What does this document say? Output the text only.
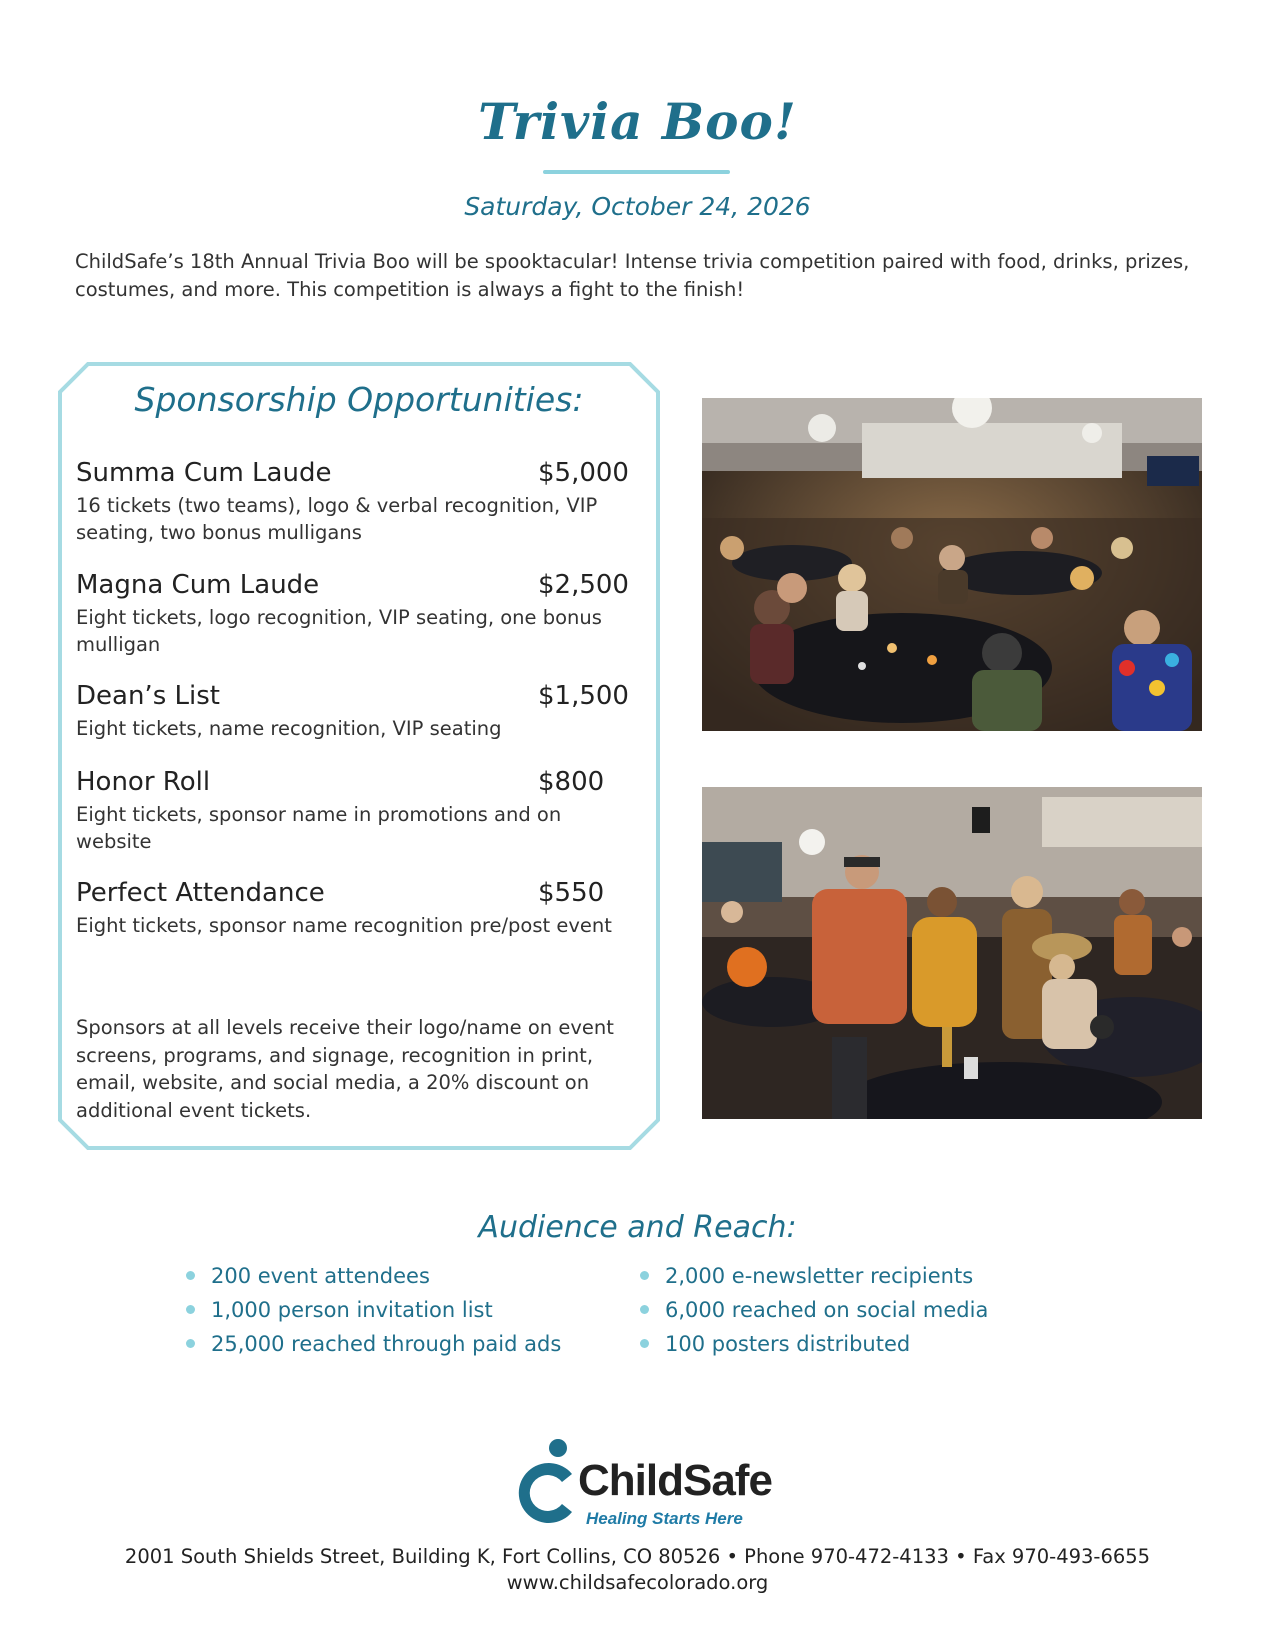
Trivia Boo!
Saturday, October 24, 2026

ChildSafe’s 18th Annual Trivia Boo will be spooktacular! Intense trivia competition paired with food, drinks, prizes, costumes, and more. This competition is always a fight to the finish!

Sponsorship Opportunities:
Summa Cum Laude	$5,000
16 tickets (two teams), logo & verbal recognition, VIP seating, two bonus mulligans
Magna Cum Laude	$2,500
Eight tickets, logo recognition, VIP seating, one bonus mulligan
Dean’s List	$1,500
Eight tickets, name recognition, VIP seating
Honor Roll	$800
Eight tickets, sponsor name in promotions and on website
Perfect Attendance	$550
Eight tickets, sponsor name recognition pre/post event

Sponsors at all levels receive their logo/name on event screens, programs, and signage, recognition in print, email, website, and social media, a 20% discount on additional event tickets.

Audience and Reach:
200 event attendees
1,000 person invitation list
25,000 reached through paid ads
2,000 e-newsletter recipients
6,000 reached on social media
100 posters distributed
ChildSafe
Healing Starts Here
2001 South Shields Street, Building K, Fort Collins, CO 80526 • Phone 970-472-4133 • Fax 970-493-6655
www.childsafecolorado.org
